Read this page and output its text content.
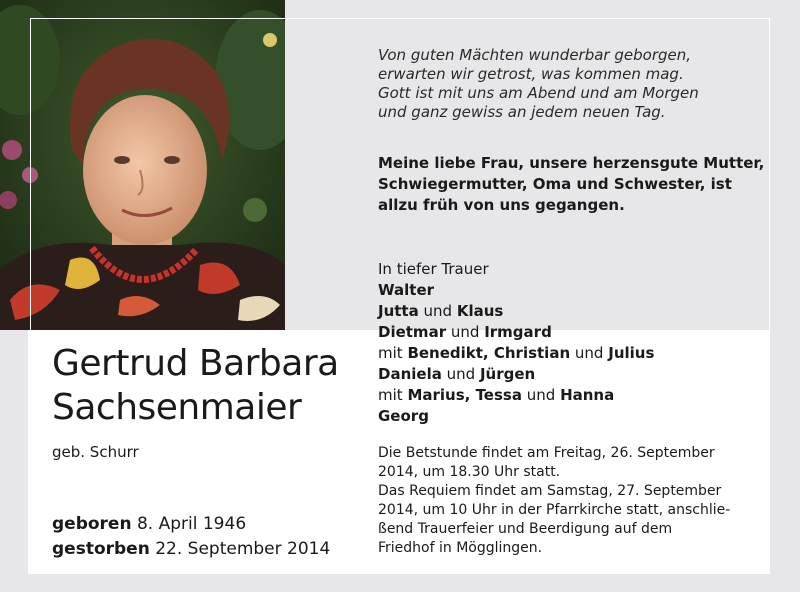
Von guten Mächten wunderbar geborgen,
erwarten wir getrost, was kommen mag.
Gott ist mit uns am Abend und am Morgen
und ganz gewiss an jedem neuen Tag.
Meine liebe Frau, unsere herzensgute Mutter,
Schwiegermutter, Oma und Schwester, ist
allzu früh von uns gegangen.
In tiefer Trauer
Walter
Jutta und Klaus
Dietmar und Irmgard
mit Benedikt, Christian und Julius
Daniela und Jürgen
mit Marius, Tessa und Hanna
Georg
Gertrud Barbara
Sachsenmaier
geb. Schurr
geboren 8. April 1946
gestorben 22. September 2014
Die Betstunde findet am Freitag, 26. September
2014, um 18.30 Uhr statt.
Das Requiem findet am Samstag, 27. September
2014, um 10 Uhr in der Pfarrkirche statt, anschlie-
ßend Trauerfeier und Beerdigung auf dem
Friedhof in Mögglingen.
